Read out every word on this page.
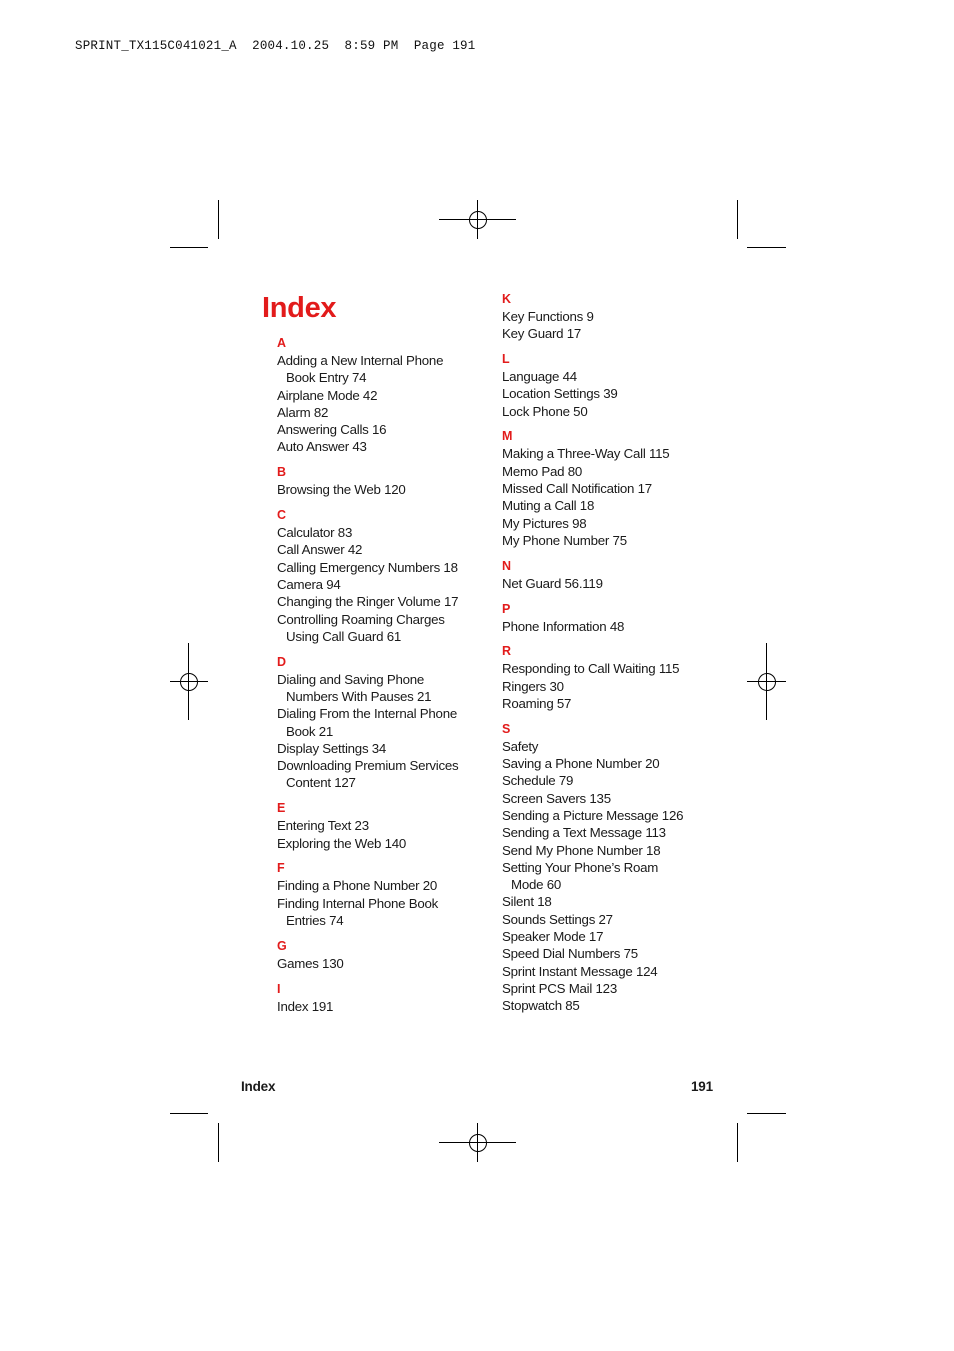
SPRINT_TX115C041021_A  2004.10.25  8:59 PM  Page 191
Index
A
Adding a New Internal Phone
Book Entry 74
Airplane Mode 42
Alarm 82
Answering Calls 16
Auto Answer 43
B
Browsing the Web 120
C
Calculator 83
Call Answer 42
Calling Emergency Numbers 18
Camera 94
Changing the Ringer Volume 17
Controlling Roaming Charges
Using Call Guard 61
D
Dialing and Saving Phone
Numbers With Pauses 21
Dialing From the Internal Phone
Book 21
Display Settings 34
Downloading Premium Services
Content 127
E
Entering Text 23
Exploring the Web 140
F
Finding a Phone Number 20
Finding Internal Phone Book
Entries 74
G
Games 130
I
Index 191
K
Key Functions 9
Key Guard 17
L
Language 44
Location Settings 39
Lock Phone 50
M
Making a Three-Way Call 115
Memo Pad 80
Missed Call Notification 17
Muting a Call 18
My Pictures 98
My Phone Number 75
N
Net Guard 56.119
P
Phone Information 48
R
Responding to Call Waiting 115
Ringers 30
Roaming 57
S
Safety
Saving a Phone Number 20
Schedule 79
Screen Savers 135
Sending a Picture Message 126
Sending a Text Message 113
Send My Phone Number 18
Setting Your Phone’s Roam
Mode 60
Silent 18
Sounds Settings 27
Speaker Mode 17
Speed Dial Numbers 75
Sprint Instant Message 124
Sprint PCS Mail 123
Stopwatch 85
Index	191
